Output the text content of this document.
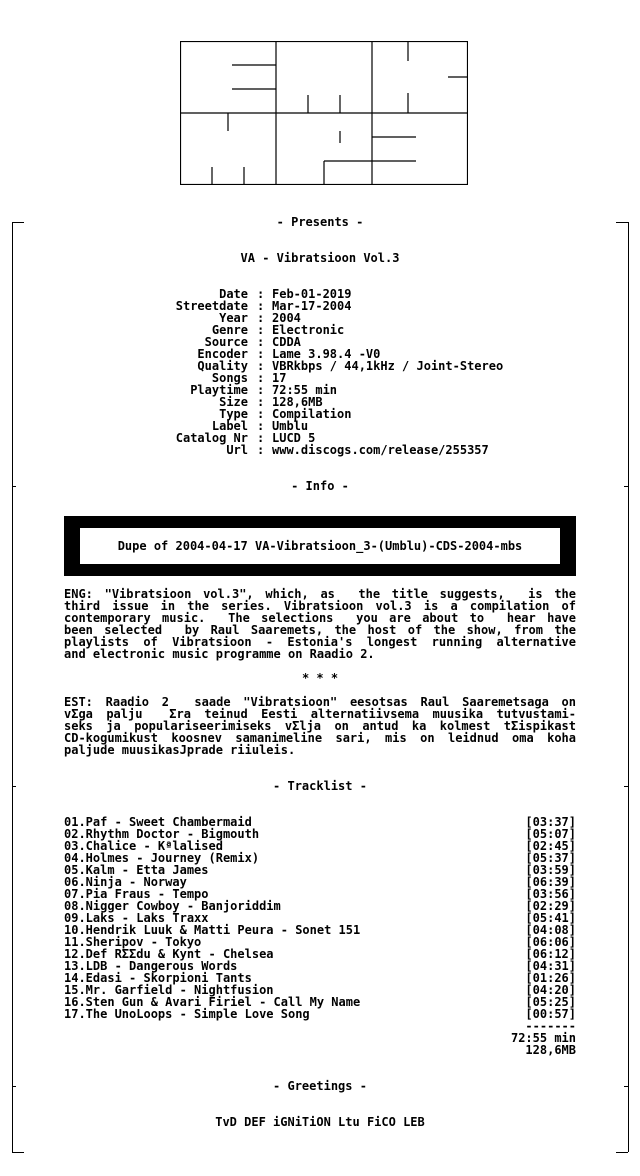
- Presents -
VA - Vibratsioon Vol.3
Date : Feb-01-2019
Streetdate : Mar-17-2004
Year : 2004
Genre : Electronic
Source : CDDA
Encoder : Lame 3.98.4 -V0
Quality : VBRkbps / 44,1kHz / Joint-Stereo
Songs : 17
Playtime : 72:55 min
Size : 128,6MB
Type : Compilation
Label : Umblu
Catalog Nr : LUCD 5
Url : www.discogs.com/release/255357
- Info -
Dupe of 2004-04-17 VA-Vibratsioon_3-(Umblu)-CDS-2004-mbs
ENG: "Vibratsioon vol.3", which, as  the title suggests,  is the
third issue in the series. Vibratsioon vol.3 is a compilation of
contemporary music.  The selections  you are about to  hear have
been selected  by Raul Saaremets, the host of the show, from the
playlists of Vibratsioon - Estonia's longest running alternative
and electronic music programme on Raadio 2.
* * *
EST: Raadio 2  saade "Vibratsioon" eesotsas Raul Saaremetsaga on
vΣga palju  Σra teinud Eesti alternatiivsema muusika tutvustami-
seks ja populariseerimiseks vΣlja on antud ka kolmest tΣispikast
CD-kogumikust koosnev samanimeline sari, mis on leidnud oma koha
paljude muusikasJprade riiuleis.
- Tracklist -
01.Paf - Sweet Chambermaid	[03:37]
02.Rhythm Doctor - Bigmouth	[05:07]
03.Chalice - Kªlalised	[02:45]
04.Holmes - Journey (Remix)	[05:37]
05.Kalm - Etta James	[03:59]
06.Ninja - Norway	[06:39]
07.Pia Fraus - Tempo	[03:56]
08.Nigger Cowboy - Banjoriddim	[02:29]
09.Laks - Laks Traxx	[05:41]
10.Hendrik Luuk & Matti Peura - Sonet 151	[04:08]
11.Sheripov - Tokyo	[06:06]
12.Def RΣΣdu & Kynt - Chelsea	[06:12]
13.LDB - Dangerous Words	[04:31]
14.Edasi - Skorpioni Tants	[01:26]
15.Mr. Garfield - Nightfusion	[04:20]
16.Sten Gun & Avari Firiel - Call My Name	[05:25]
17.The UnoLoops - Simple Love Song	[00:57]
-------
72:55 min
128,6MB
- Greetings -
TvD DEF iGNiTiON Ltu FiCO LEB
